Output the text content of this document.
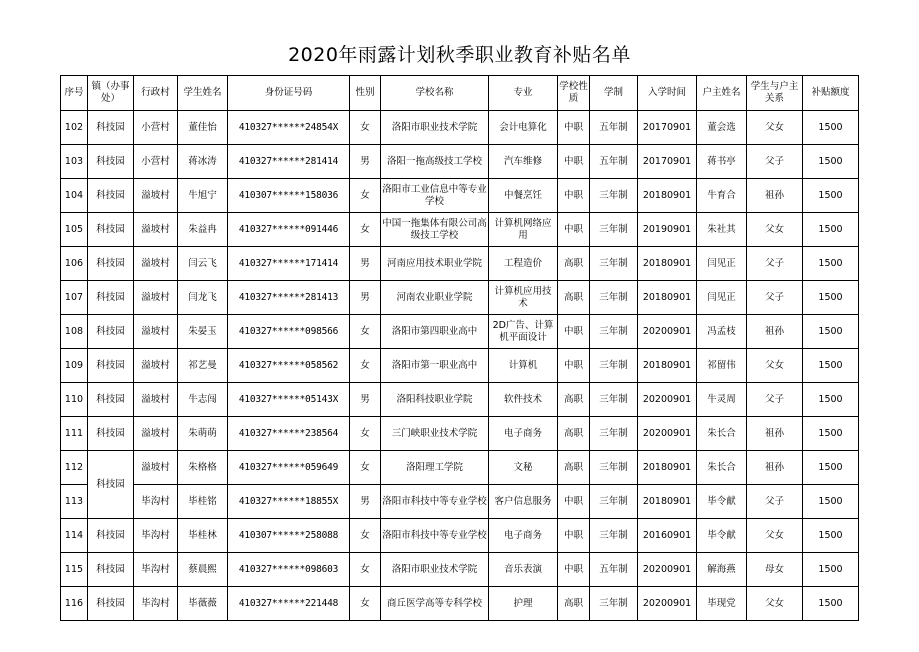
2020年雨露计划秋季职业教育补贴名单
序号	镇（办事处）	行政村	学生姓名	身份证号码	性别	学校名称	专业	学校性质	学制	入学时间	户主姓名	学生与户主关系	补贴额度
102	科技园	小营村	董佳怡	410327******24854X	女	洛阳市职业技术学院	会计电算化	中职	五年制	20170901	董会选	父女	1500
103	科技园	小营村	蒋冰涛	410327******281414	男	洛阳一拖高级技工学校	汽车维修	中职	五年制	20170901	蒋书亭	父子	1500
104	科技园	溢坡村	牛旭宁	410307******158036	女	洛阳市工业信息中等专业学校	中餐烹饪	中职	三年制	20180901	牛育合	祖孙	1500
105	科技园	溢坡村	朱益冉	410327******091446	女	中国一拖集体有限公司高级技工学校	计算机网络应用	中职	三年制	20190901	朱社其	父女	1500
106	科技园	溢坡村	闫云飞	410327******171414	男	河南应用技术职业学院	工程造价	高职	三年制	20180901	闫见正	父子	1500
107	科技园	溢坡村	闫龙飞	410327******281413	男	河南农业职业学院	计算机应用技术	高职	三年制	20180901	闫见正	父子	1500
108	科技园	溢坡村	朱晏玉	410327******098566	女	洛阳市第四职业高中	2D广告、计算机平面设计	中职	三年制	20200901	冯孟枝	祖孙	1500
109	科技园	溢坡村	祁艺曼	410327******058562	女	洛阳市第一职业高中	计算机	中职	三年制	20180901	祁留伟	父女	1500
110	科技园	溢坡村	牛志闯	410327******05143X	男	洛阳科技职业学院	软件技术	高职	三年制	20200901	牛灵周	父子	1500
111	科技园	溢坡村	朱萌萌	410327******238564	女	三门峡职业技术学院	电子商务	高职	三年制	20200901	朱长合	祖孙	1500
112	科技园	溢坡村	朱格格	410327******059649	女	洛阳理工学院	文秘	高职	三年制	20180901	朱长合	祖孙	1500
113		毕沟村	毕桂铭	410327******18855X	男	洛阳市科技中等专业学校	客户信息服务	中职	三年制	20180901	毕令献	父子	1500
114	科技园	毕沟村	毕桂林	410307******258088	女	洛阳市科技中等专业学校	电子商务	中职	三年制	20160901	毕令献	父女	1500
115	科技园	毕沟村	蔡晨熙	410327******098603	女	洛阳市职业技术学院	音乐表演	中职	五年制	20200901	解海燕	母女	1500
116	科技园	毕沟村	毕薇薇	410327******221448	女	商丘医学高等专科学校	护理	高职	三年制	20200901	毕现党	父女	1500
